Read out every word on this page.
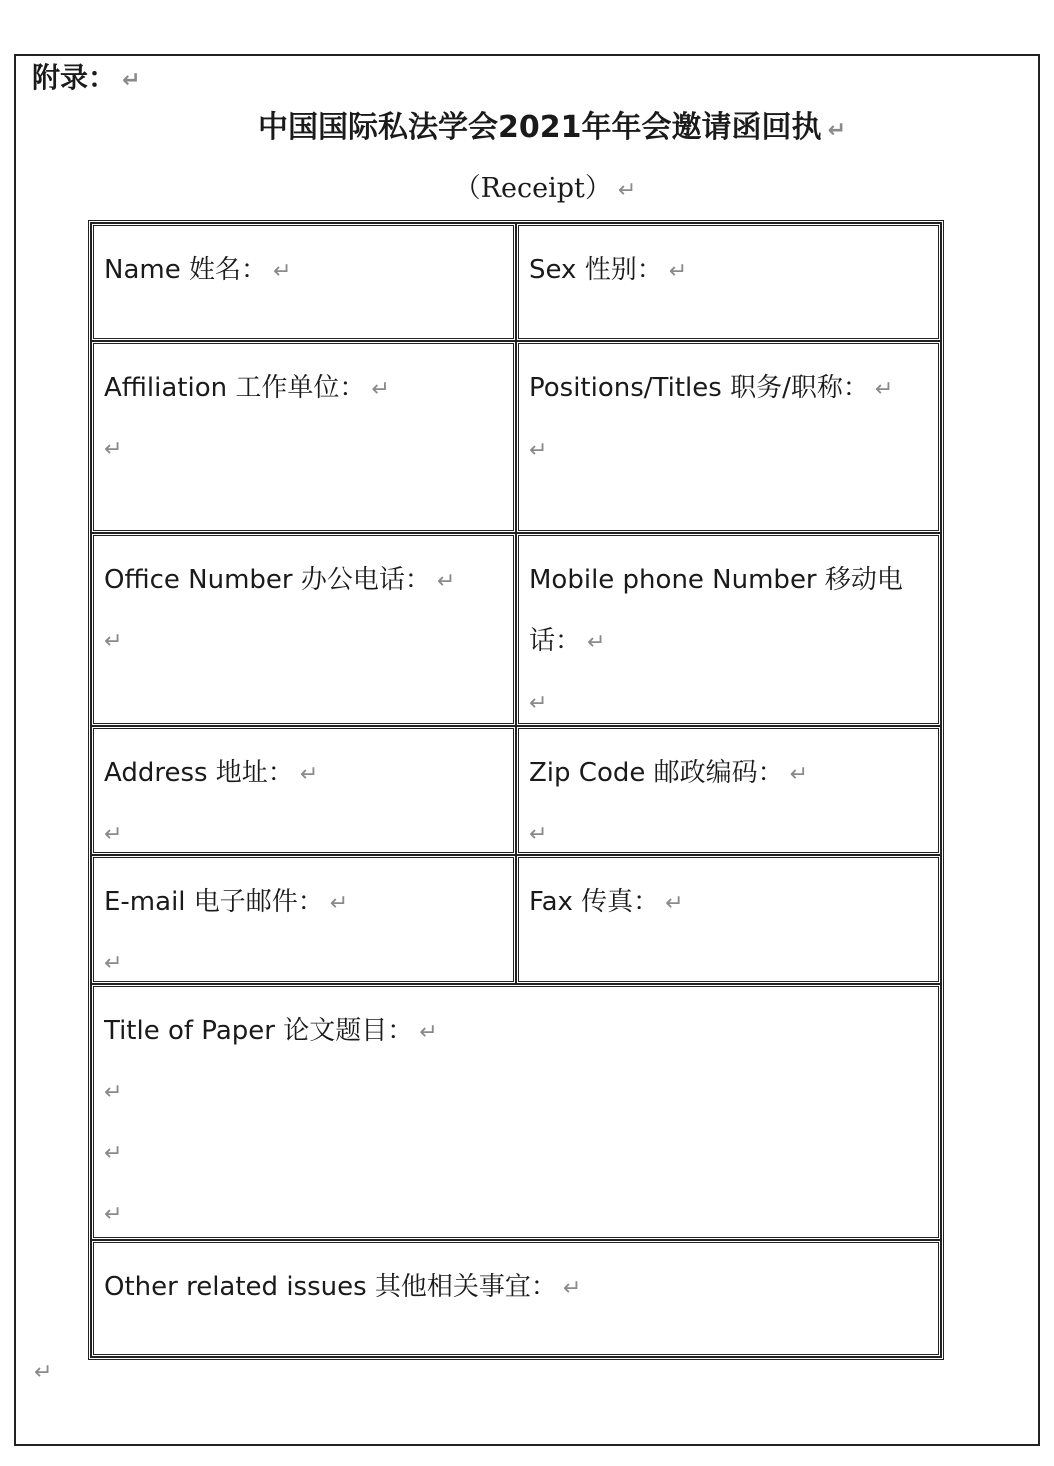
附录： ↵
中国国际私法学会2021年年会邀请函回执 ↵
（Receipt） ↵
Name 姓名： ↵	Sex 性别： ↵
Affiliation 工作单位： ↵
↵
Positions/Titles 职务/职称： ↵
↵
Office Number 办公电话： ↵
↵
Mobile phone Number 移动电话： ↵
↵
Address 地址： ↵
↵
Zip Code 邮政编码： ↵
↵
E-mail 电子邮件： ↵
↵
Fax 传真： ↵
Title of Paper 论文题目： ↵
↵
↵
↵
Other related issues 其他相关事宜： ↵
↵
